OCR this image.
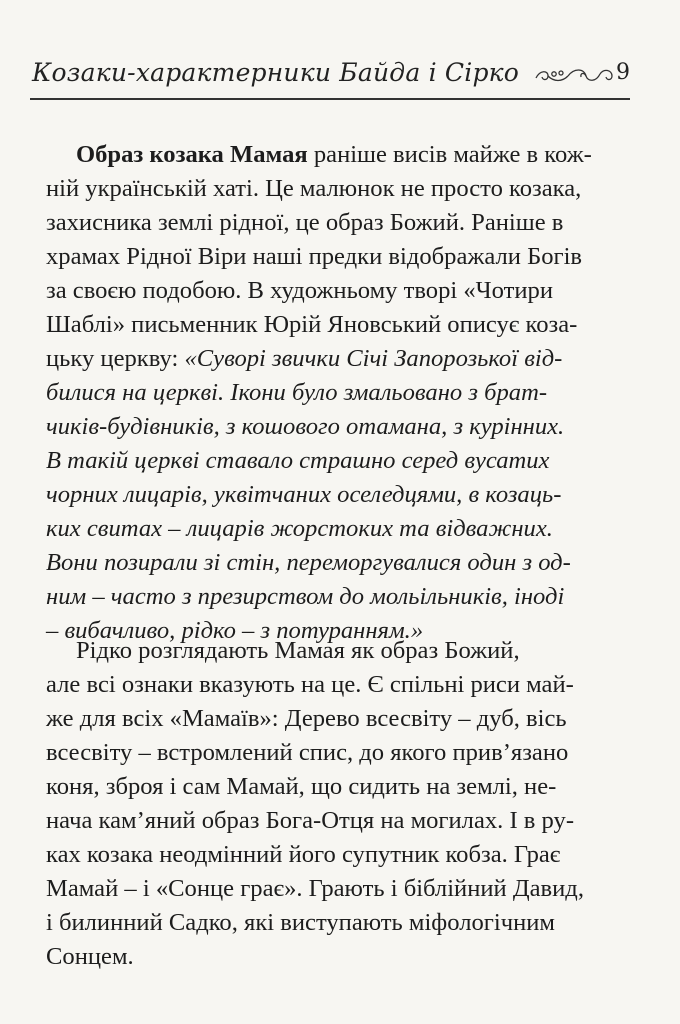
Козаки-характерники Байда і Сірко	9
Образ козака Мамая раніше висів майже в кож-
ній українській хаті. Це малюнок не просто козака,
захисника землі рідної, це образ Божий. Раніше в
храмах Рідної Віри наші предки відображали Богів
за своєю подобою. В художньому творі «Чотири
Шаблі» письменник Юрій Яновський описує коза-
цьку церкву: «Суворі звички Січі Запорозької від-
билися на церкві. Ікони було змальовано з брат-
чиків-будівників, з кошового отамана, з курінних.
В такій церкві ставало страшно серед вусатих
чорних лицарів, уквітчаних оселедцями, в козаць-
ких свитах – лицарів жорстоких та відважних.
Вони позирали зі стін, переморгувалися один з од-
ним – часто з презирством до мольільників, іноді
– вибачливо, рідко – з потуранням.»
Рідко розглядають Мамая як образ Божий,
але всі ознаки вказують на це. Є спільні риси май-
же для всіх «Мамаїв»: Дерево всесвіту – дуб, вісь
всесвіту – встромлений спис, до якого прив’язано
коня, зброя і сам Мамай, що сидить на землі, не-
нача кам’яний образ Бога-Отця на могилах. І в ру-
ках козака неодмінний його супутник кобза. Грає
Мамай – і «Сонце грає». Грають і біблійний Давид,
і билинний Садко, які виступають міфологічним
Сонцем.
